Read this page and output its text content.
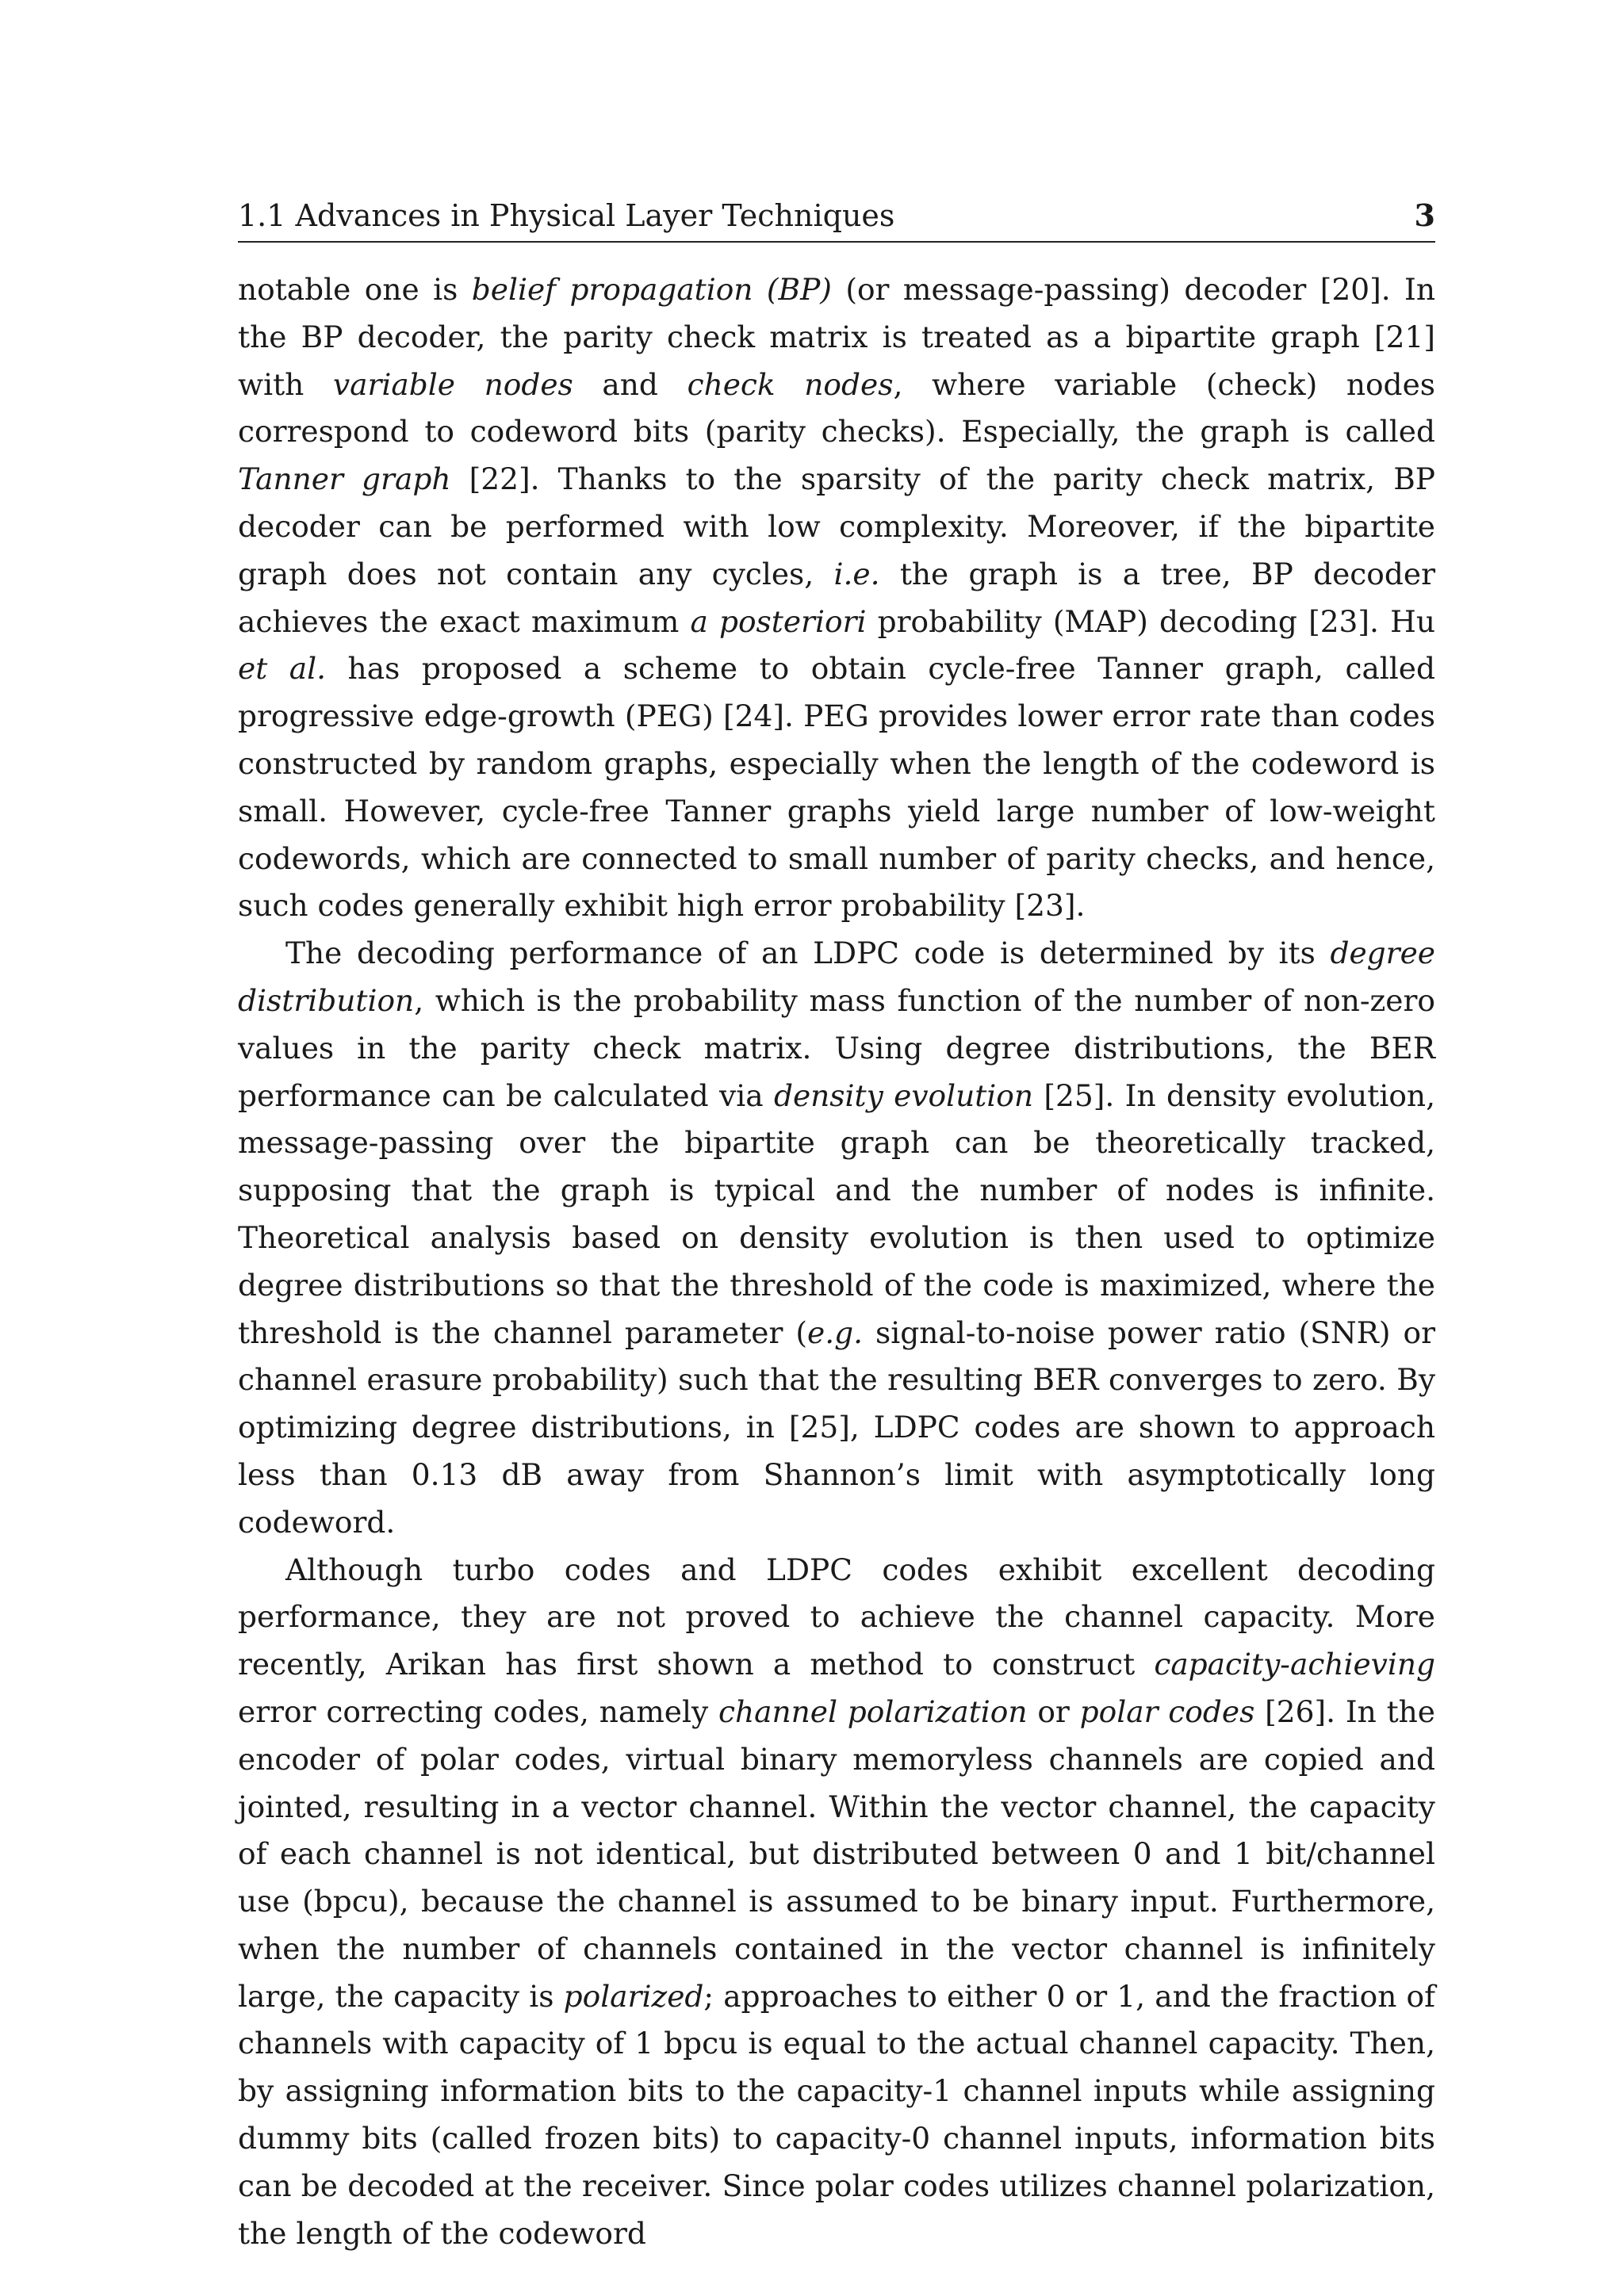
1.1 Advances in Physical Layer Techniques	3

notable one is belief propagation (BP) (or message-passing) decoder [20]. In the BP decoder, the parity check matrix is treated as a bipartite graph [21] with variable nodes and check nodes, where variable (check) nodes correspond to codeword bits (parity checks). Especially, the graph is called Tanner graph [22]. Thanks to the sparsity of the parity check matrix, BP decoder can be performed with low complexity. Moreover, if the bipartite graph does not contain any cycles, i.e. the graph is a tree, BP decoder achieves the exact maximum a posteriori probability (MAP) decoding [23]. Hu et al. has proposed a scheme to obtain cycle-free Tanner graph, called progressive edge-growth (PEG) [24]. PEG provides lower error rate than codes constructed by random graphs, especially when the length of the codeword is small. However, cycle-free Tanner graphs yield large number of low-weight codewords, which are connected to small number of parity checks, and hence, such codes generally exhibit high error probability [23].

The decoding performance of an LDPC code is determined by its degree distribution, which is the probability mass function of the number of non-zero values in the parity check matrix. Using degree distributions, the BER performance can be calculated via density evolution [25]. In density evolution, message-passing over the bipartite graph can be theoretically tracked, supposing that the graph is typical and the number of nodes is infinite. Theoretical analysis based on density evolution is then used to optimize degree distributions so that the threshold of the code is maximized, where the threshold is the channel parameter (e.g. signal-to-noise power ratio (SNR) or channel erasure probability) such that the resulting BER converges to zero. By optimizing degree distributions, in [25], LDPC codes are shown to approach less than 0.13 dB away from Shannon’s limit with asymptotically long codeword.

Although turbo codes and LDPC codes exhibit excellent decoding performance, they are not proved to achieve the channel capacity. More recently, Arikan has first shown a method to construct capacity-achieving error correcting codes, namely channel polarization or polar codes [26]. In the encoder of polar codes, virtual binary memoryless channels are copied and jointed, resulting in a vector channel. Within the vector channel, the capacity of each channel is not identical, but distributed between 0 and 1 bit/channel use (bpcu), because the channel is assumed to be binary input. Furthermore, when the number of channels contained in the vector channel is infinitely large, the capacity is polarized; approaches to either 0 or 1, and the fraction of channels with capacity of 1 bpcu is equal to the actual channel capacity. Then, by assigning information bits to the capacity-1 channel inputs while assigning dummy bits (called frozen bits) to capacity-0 channel inputs, information bits can be decoded at the receiver. Since polar codes utilizes channel polarization, the length of the codeword
